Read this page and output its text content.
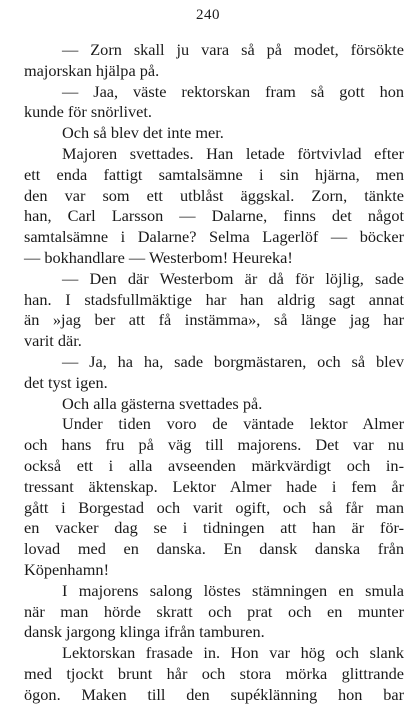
240
— Zorn skall ju vara så på modet, försökte
majorskan hjälpa på.
— Jaa, väste rektorskan fram så gott hon
kunde för snörlivet.
Och så blev det inte mer.
Majoren svettades. Han letade förtvivlad efter
ett enda fattigt samtalsämne i sin hjärna, men
den var som ett utblåst äggskal. Zorn, tänkte
han, Carl Larsson — Dalarne, finns det något
samtalsämne i Dalarne? Selma Lagerlöf — böcker
— bokhandlare — Westerbom! Heureka!
— Den där Westerbom är då för löjlig, sade
han. I stadsfullmäktige har han aldrig sagt annat
än »jag ber att få instämma», så länge jag har
varit där.
— Ja, ha ha, sade borgmästaren, och så blev
det tyst igen.
Och alla gästerna svettades på.
Under tiden voro de väntade lektor Almer
och hans fru på väg till majorens. Det var nu
också ett i alla avseenden märkvärdigt och in-
tressant äktenskap. Lektor Almer hade i fem år
gått i Borgestad och varit ogift, och så får man
en vacker dag se i tidningen att han är för-
lovad med en danska. En dansk danska från
Köpenhamn!
I majorens salong löstes stämningen en smula
när man hörde skratt och prat och en munter
dansk jargong klinga ifrån tamburen.
Lektorskan frasade in. Hon var hög och slank
med tjockt brunt hår och stora mörka glittrande
ögon. Maken till den supéklänning hon bar
